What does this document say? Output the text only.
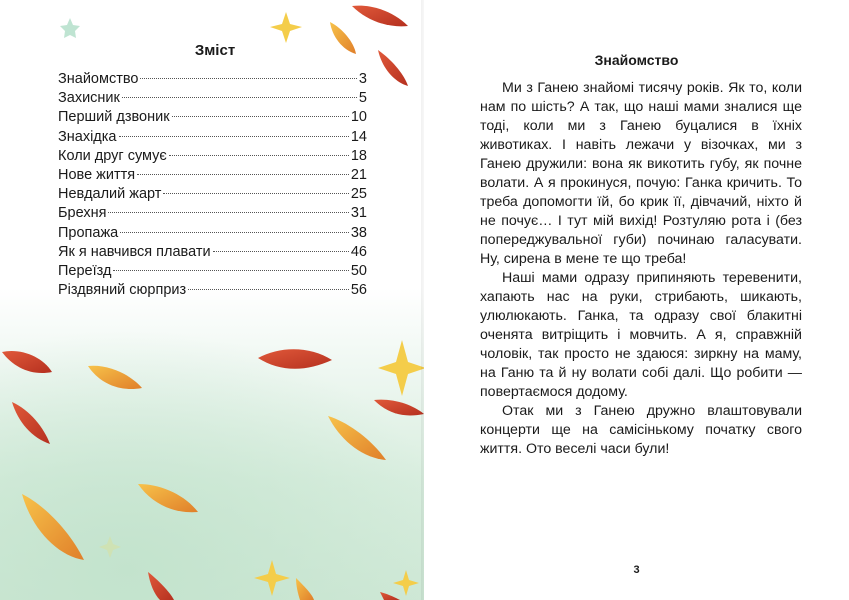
Зміст
Знайомство	3
Захисник	5
Перший дзвоник	10
Знахідка	14
Коли друг сумує	18
Нове життя	21
Невдалий жарт	25
Брехня	31
Пропажа	38
Як я навчився плавати	46
Переїзд	50
Різдвяний сюрприз	56
Знайомство

Ми з Ганею знайомі тисячу років. Як то, коли нам по шість? А так, що наші мами зналися ще тоді, коли ми з Ганею буцалися в їхніх животиках. І навіть лежачи у візочках, ми з Ганею дружили: вона як викотить губу, як почне волати. А я прокинуся, почую: Ганка кричить. То треба допомогти їй, бо крик її, дівчачий, ніхто й не почує… І тут мій вихід! Розтуляю рота і (без попереджувальної губи) починаю галасувати. Ну, сирена в мене те що треба!

Наші мами одразу припиняють теревенити, хапають нас на руки, стрибають, шикають, улюлюкають. Ганка, та одразу свої блакитні оченята витріщить і мовчить. А я, справжній чоловік, так просто не здаюся: зиркну на маму, на Ганю та й ну волати собі далі. Що робити — повертаємося додому.

Отак ми з Ганею дружно влаштовували концерти ще на самісінькому початку свого життя. Ото веселі часи були!

3
